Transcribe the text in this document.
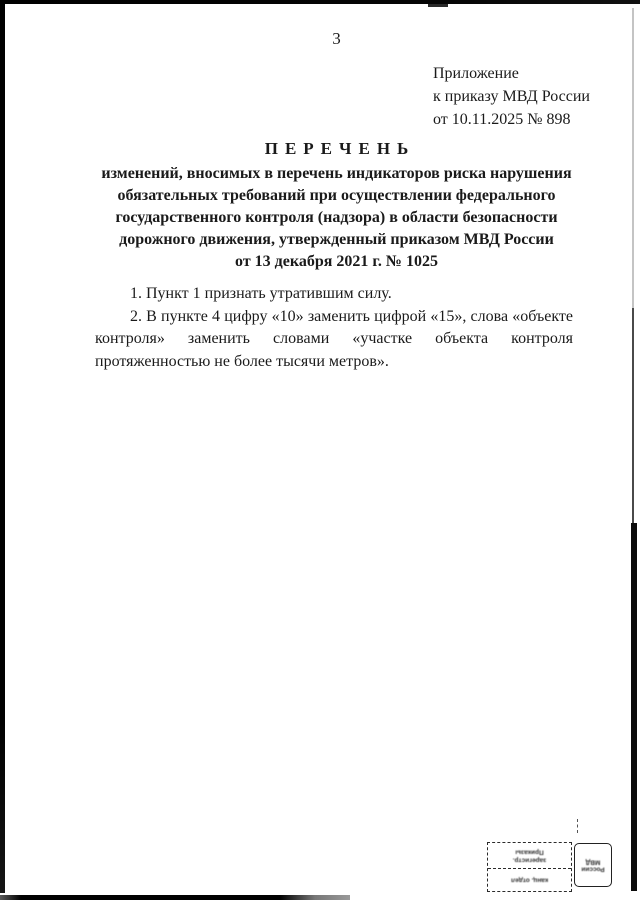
3
Приложение
к приказу МВД России
от 10.11.2025 № 898
ПЕРЕЧЕНЬ
изменений, вносимых в перечень индикаторов риска нарушения
обязательных требований при осуществлении федерального
государственного контроля (надзора) в области безопасности
дорожного движения, утвержденный приказом МВД России
от 13 декабря 2021 г. № 1025

1. Пункт 1 признать утратившим силу.

2. В пункте 4 цифру «10» заменить цифрой «15», слова «объекте контроля» заменить словами «участке объекта контроля протяженностью не более тысячи метров».

Приказы
зарегистр.
канц. отдел
МВД
России
